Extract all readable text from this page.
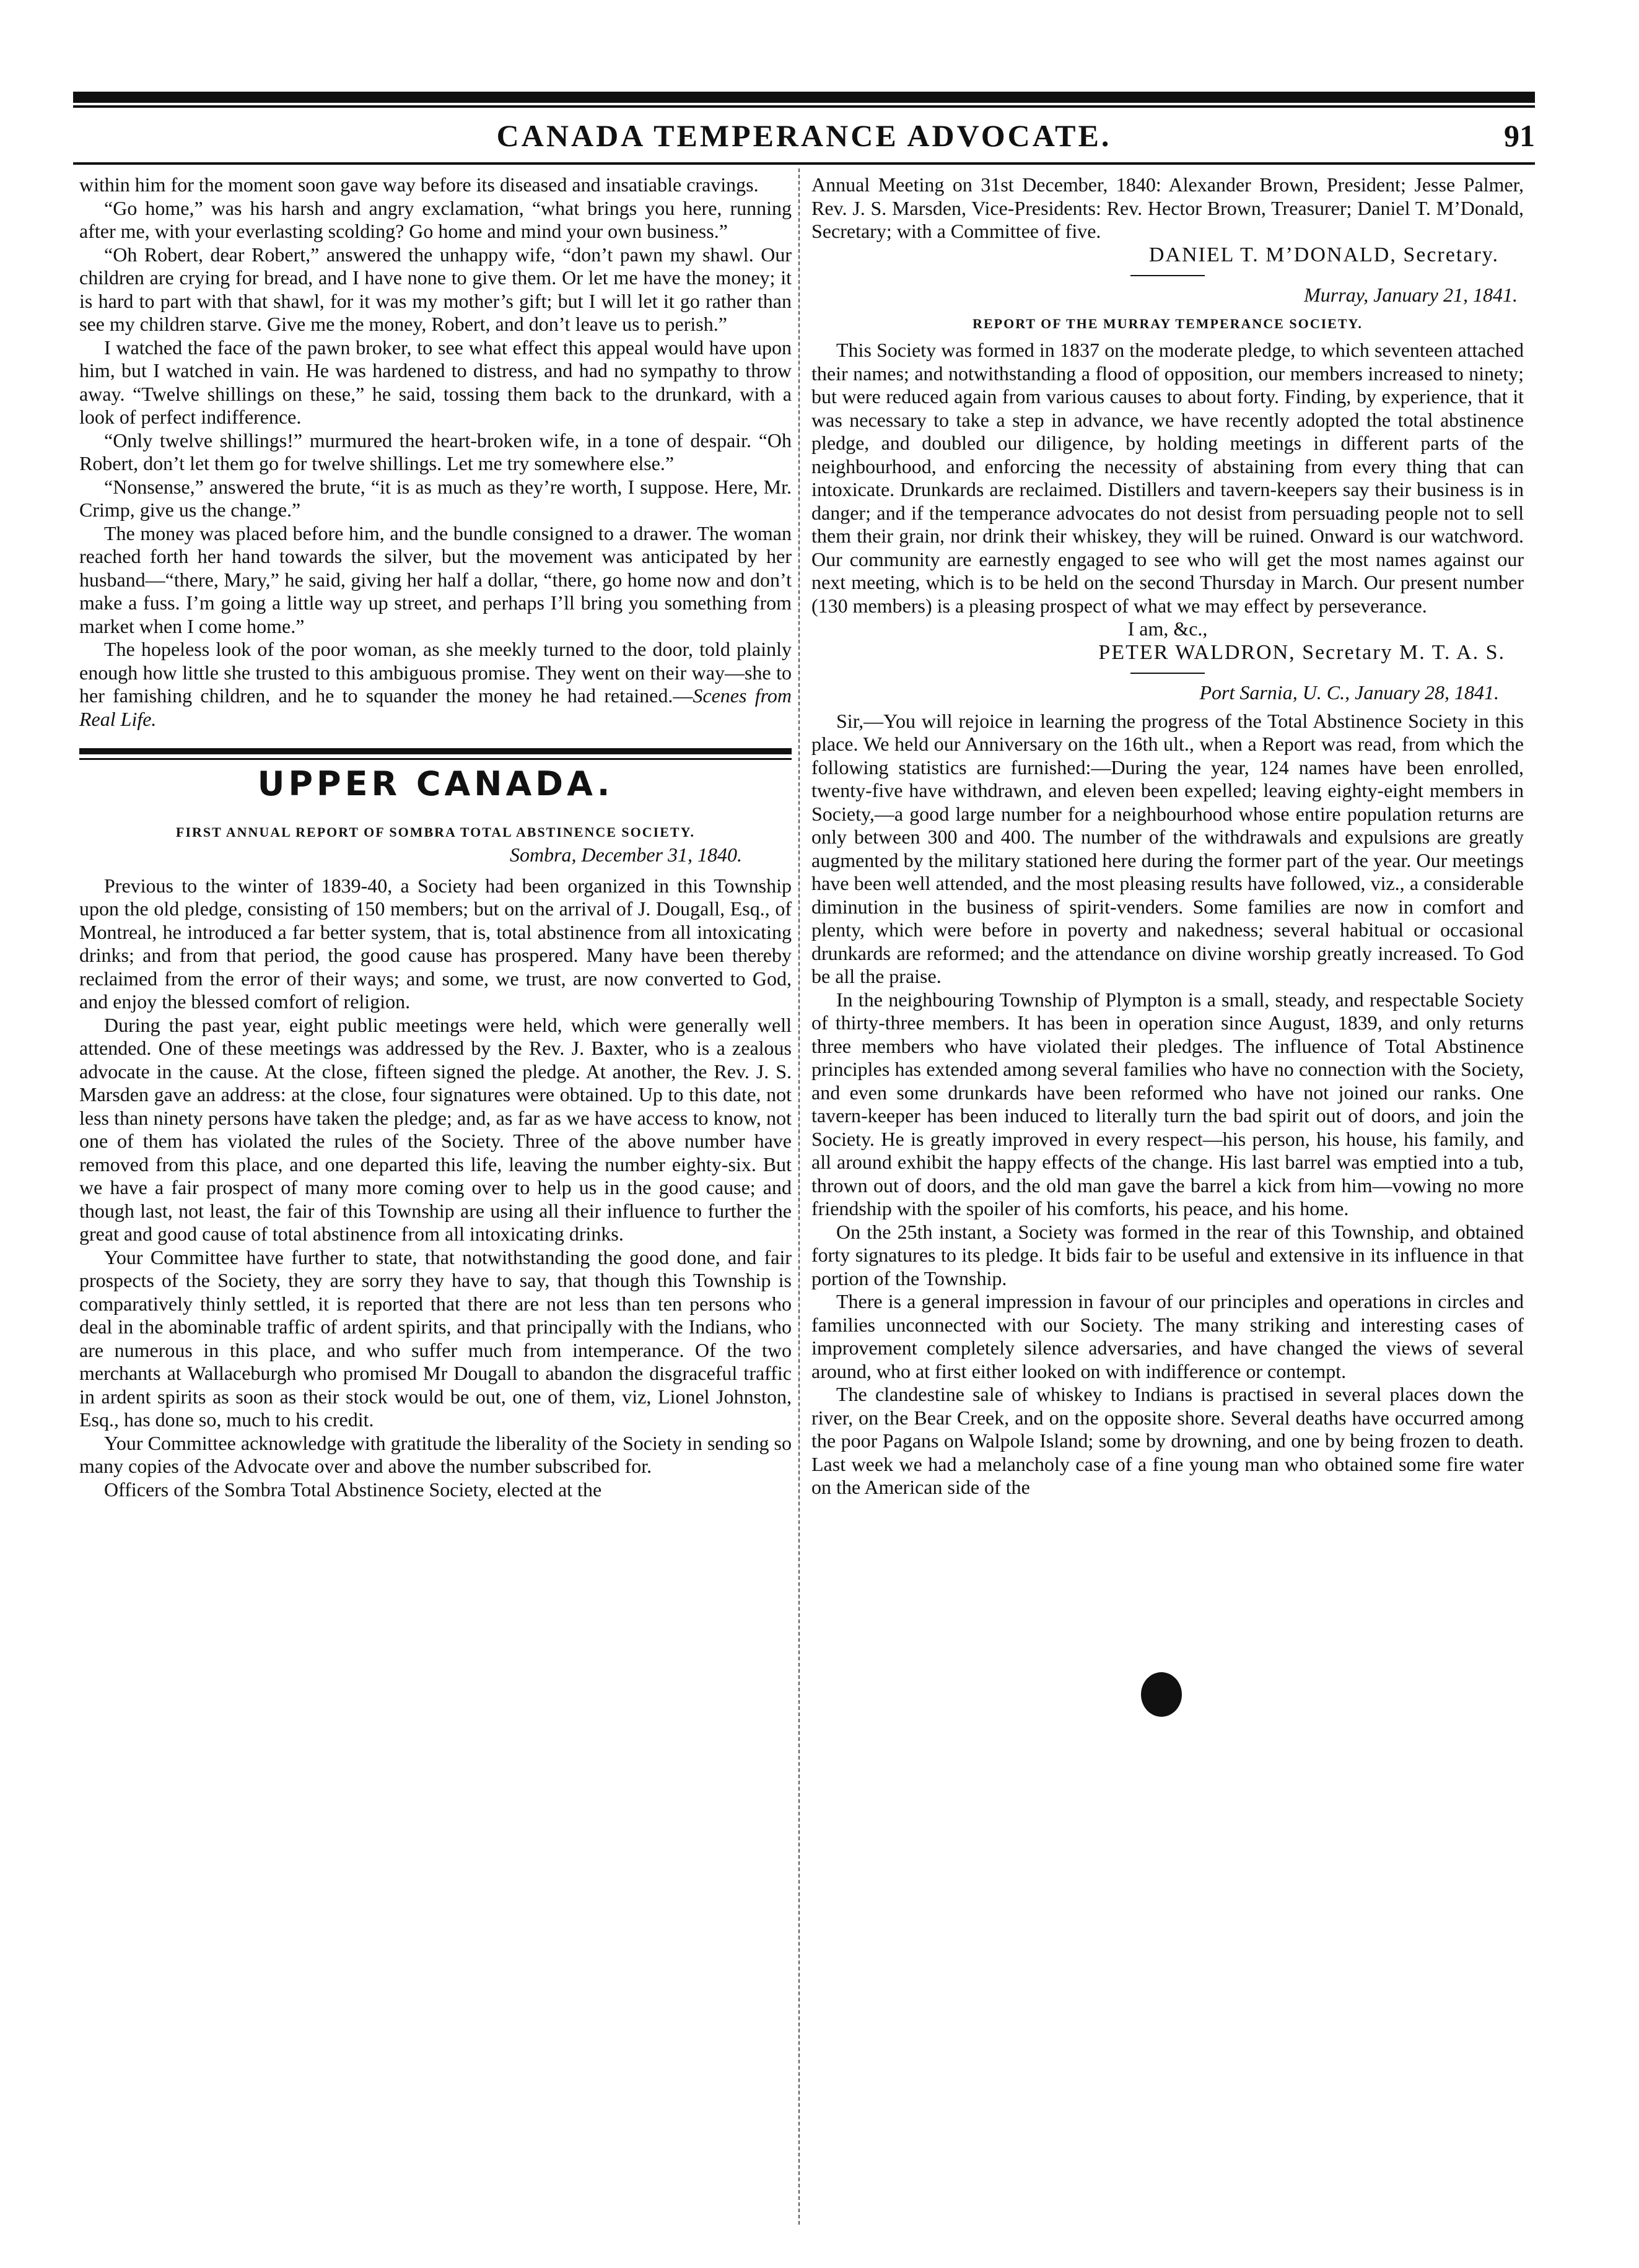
CANADA TEMPERANCE ADVOCATE.	91

within him for the moment soon gave way before its diseased and insatiable cravings.

“Go home,” was his harsh and angry exclamation, “what brings you here, running after me, with your everlasting scolding? Go home and mind your own business.”

“Oh Robert, dear Robert,” answered the unhappy wife, “don’t pawn my shawl. Our children are crying for bread, and I have none to give them. Or let me have the money; it is hard to part with that shawl, for it was my mother’s gift; but I will let it go rather than see my children starve. Give me the money, Robert, and don’t leave us to perish.”

I watched the face of the pawn broker, to see what effect this appeal would have upon him, but I watched in vain. He was hardened to distress, and had no sympathy to throw away. “Twelve shillings on these,” he said, tossing them back to the drunkard, with a look of perfect indifference.

“Only twelve shillings!” murmured the heart-broken wife, in a tone of despair. “Oh Robert, don’t let them go for twelve shillings. Let me try somewhere else.”

“Nonsense,” answered the brute, “it is as much as they’re worth, I suppose. Here, Mr. Crimp, give us the change.”

The money was placed before him, and the bundle consigned to a drawer. The woman reached forth her hand towards the silver, but the movement was anticipated by her husband—“there, Mary,” he said, giving her half a dollar, “there, go home now and don’t make a fuss. I’m going a little way up street, and perhaps I’ll bring you something from market when I come home.”

The hopeless look of the poor woman, as she meekly turned to the door, told plainly enough how little she trusted to this ambiguous promise. They went on their way—she to her famishing children, and he to squander the money he had retained.—Scenes from Real Life.

UPPER CANADA.

FIRST ANNUAL REPORT OF SOMBRA TOTAL ABSTINENCE SOCIETY.

Sombra, December 31, 1840.

Previous to the winter of 1839-40, a Society had been organized in this Township upon the old pledge, consisting of 150 members; but on the arrival of J. Dougall, Esq., of Montreal, he introduced a far better system, that is, total abstinence from all intoxicating drinks; and from that period, the good cause has prospered. Many have been thereby reclaimed from the error of their ways; and some, we trust, are now converted to God, and enjoy the blessed comfort of religion.

During the past year, eight public meetings were held, which were generally well attended. One of these meetings was addressed by the Rev. J. Baxter, who is a zealous advocate in the cause. At the close, fifteen signed the pledge. At another, the Rev. J. S. Marsden gave an address: at the close, four signatures were obtained. Up to this date, not less than ninety persons have taken the pledge; and, as far as we have access to know, not one of them has violated the rules of the Society. Three of the above number have removed from this place, and one departed this life, leaving the number eighty-six. But we have a fair prospect of many more coming over to help us in the good cause; and though last, not least, the fair of this Township are using all their influence to further the great and good cause of total abstinence from all intoxicating drinks.

Your Committee have further to state, that notwithstanding the good done, and fair prospects of the Society, they are sorry they have to say, that though this Township is comparatively thinly settled, it is reported that there are not less than ten persons who deal in the abominable traffic of ardent spirits, and that principally with the Indians, who are numerous in this place, and who suffer much from intemperance. Of the two merchants at Wallaceburgh who promised Mr Dougall to abandon the disgraceful traffic in ardent spirits as soon as their stock would be out, one of them, viz, Lionel Johnston, Esq., has done so, much to his credit.

Your Committee acknowledge with gratitude the liberality of the Society in sending so many copies of the Advocate over and above the number subscribed for.

Officers of the Sombra Total Abstinence Society, elected at the

Annual Meeting on 31st December, 1840: Alexander Brown, President; Jesse Palmer, Rev. J. S. Marsden, Vice-Presidents: Rev. Hector Brown, Treasurer; Daniel T. M’Donald, Secretary; with a Committee of five.

DANIEL T. M’DONALD, Secretary.

Murray, January 21, 1841.

REPORT OF THE MURRAY TEMPERANCE SOCIETY.

This Society was formed in 1837 on the moderate pledge, to which seventeen attached their names; and notwithstanding a flood of opposition, our members increased to ninety; but were reduced again from various causes to about forty. Finding, by experience, that it was necessary to take a step in advance, we have recently adopted the total abstinence pledge, and doubled our diligence, by holding meetings in different parts of the neighbourhood, and enforcing the necessity of abstaining from every thing that can intoxicate. Drunkards are reclaimed. Distillers and tavern-keepers say their business is in danger; and if the temperance advocates do not desist from persuading people not to sell them their grain, nor drink their whiskey, they will be ruined. Onward is our watchword. Our community are earnestly engaged to see who will get the most names against our next meeting, which is to be held on the second Thursday in March. Our present number (130 members) is a pleasing prospect of what we may effect by perseverance.

I am, &c.,

PETER WALDRON, Secretary M. T. A. S.

Port Sarnia, U. C., January 28, 1841.

Sir,—You will rejoice in learning the progress of the Total Abstinence Society in this place. We held our Anniversary on the 16th ult., when a Report was read, from which the following statistics are furnished:—During the year, 124 names have been enrolled, twenty-five have withdrawn, and eleven been expelled; leaving eighty-eight members in Society,—a good large number for a neighbourhood whose entire population returns are only between 300 and 400. The number of the withdrawals and expulsions are greatly augmented by the military stationed here during the former part of the year. Our meetings have been well attended, and the most pleasing results have followed, viz., a considerable diminution in the business of spirit-venders. Some families are now in comfort and plenty, which were before in poverty and nakedness; several habitual or occasional drunkards are reformed; and the attendance on divine worship greatly increased. To God be all the praise.

In the neighbouring Township of Plympton is a small, steady, and respectable Society of thirty-three members. It has been in operation since August, 1839, and only returns three members who have violated their pledges. The influence of Total Abstinence principles has extended among several families who have no connection with the Society, and even some drunkards have been reformed who have not joined our ranks. One tavern-keeper has been induced to literally turn the bad spirit out of doors, and join the Society. He is greatly improved in every respect—his person, his house, his family, and all around exhibit the happy effects of the change. His last barrel was emptied into a tub, thrown out of doors, and the old man gave the barrel a kick from him—vowing no more friendship with the spoiler of his comforts, his peace, and his home.

On the 25th instant, a Society was formed in the rear of this Township, and obtained forty signatures to its pledge. It bids fair to be useful and extensive in its influence in that portion of the Township.

There is a general impression in favour of our principles and operations in circles and families unconnected with our Society. The many striking and interesting cases of improvement completely silence adversaries, and have changed the views of several around, who at first either looked on with indifference or contempt.

The clandestine sale of whiskey to Indians is practised in several places down the river, on the Bear Creek, and on the opposite shore. Several deaths have occurred among the poor Pagans on Walpole Island; some by drowning, and one by being frozen to death. Last week we had a melancholy case of a fine young man who obtained some fire water on the American side of the
